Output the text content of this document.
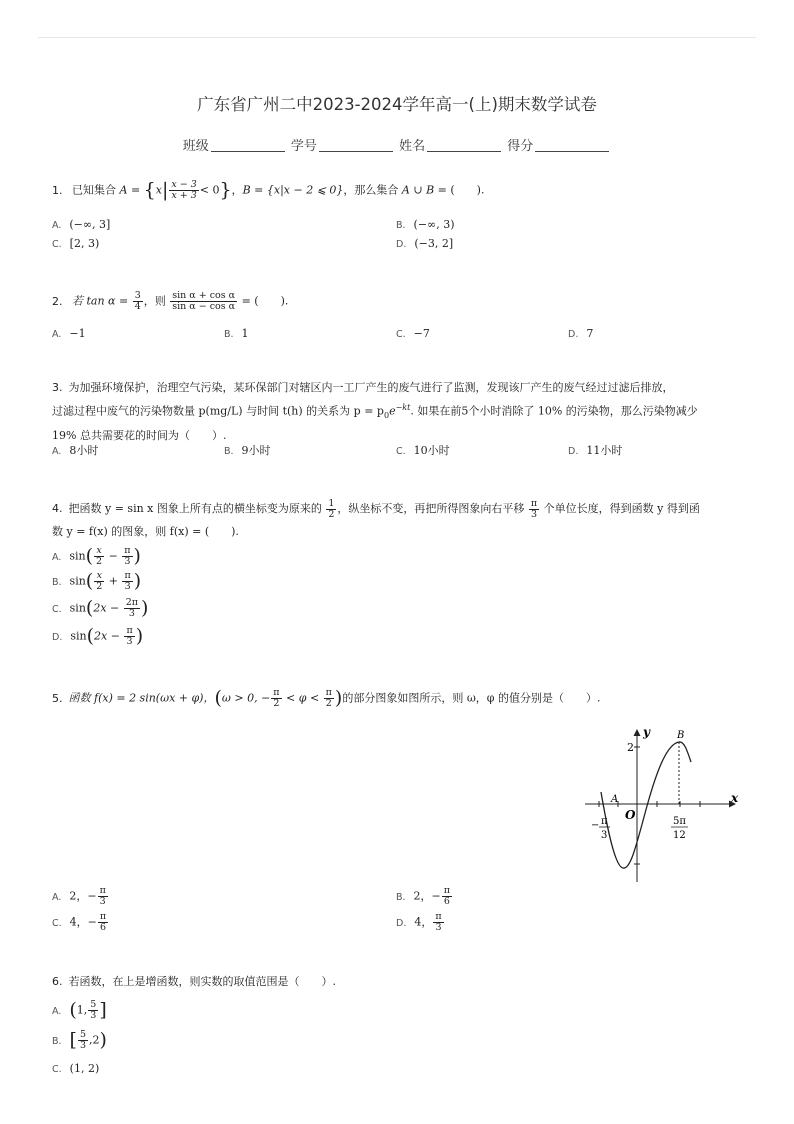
广东省广州二中2023-2024学年高一(上)期末数学试卷
班级	学号	姓名	得分
1. 已知集合 $A = \{x| \frac{x - 3}{x + 3} < 0\}$，B = {x|x − 2 ⩽ 0}，那么集合 A ∪ B = (　　).
A. (−∞, 3]	B. (−∞, 3)
C. [2, 3)	D. (−3, 2]
2. 若 $\tan \alpha = \frac{3}{4}$ ，则 $\frac{\text{sin α + cos α}}{\text{sin α − cos α}}$ = (　　).
A. −1	B. 1	C. −7	D. 7
3. 为加强环境保护，治理空气污染，某环保部门对辖区内一工厂产生的废气进行了监测，发现该厂产生的废气经过过滤后排放，
过滤过程中废气的污染物数量 p(mg/L) 与时间 t(h) 的关系为 $p = p_0e^{-kt}$. 如果在前5个小时消除了 10% 的污染物，那么污染物减少
19% 总共需要花的时间为（　　）.
A. 8小时	B. 9小时	C. 10小时	D. 11小时
4. 把函数 y = sin x 图象上所有点的横坐标变为原来的 $\frac{1}{2}$ ，纵坐标不变，再把所得图象向右平移 $\frac{\pi}{3}$ 个单位长度，得到函数 y 得到函
数 y = f(x) 的图象，则 f(x) = (　　).
A. $\sin( \frac{x}{2} - \frac{\pi}{3}$ )
B. $\sin( \frac{x}{2} + \frac{\pi}{3}$ )
C. $\sin(2x - \frac{2\pi}{3}$ )
D. $\sin(2x - \frac{\pi}{3}$ )
5. 函数 f(x) = 2 sin(ωx + φ)，(ω > 0, − $\frac{\pi}{2} < \varphi < \frac{\pi}{2}$ )的部分图象如图所示，则 ω，φ 的值分别是（　　）.
y
x
O
2
A
B
− π
3
5π
12
A. 2，− $\frac{\pi}{3}$	B. 2，− $\frac{\pi}{6}$
C. 4，− $\frac{\pi}{6}$	D. 4， $\frac{\pi}{3}$
6. 若函数，在上是增函数，则实数的取值范围是（　　）.
A. (1, $\frac{5}{3}$ ]
B. [ $\frac{5}{3} ,2$)
C. (1, 2)
